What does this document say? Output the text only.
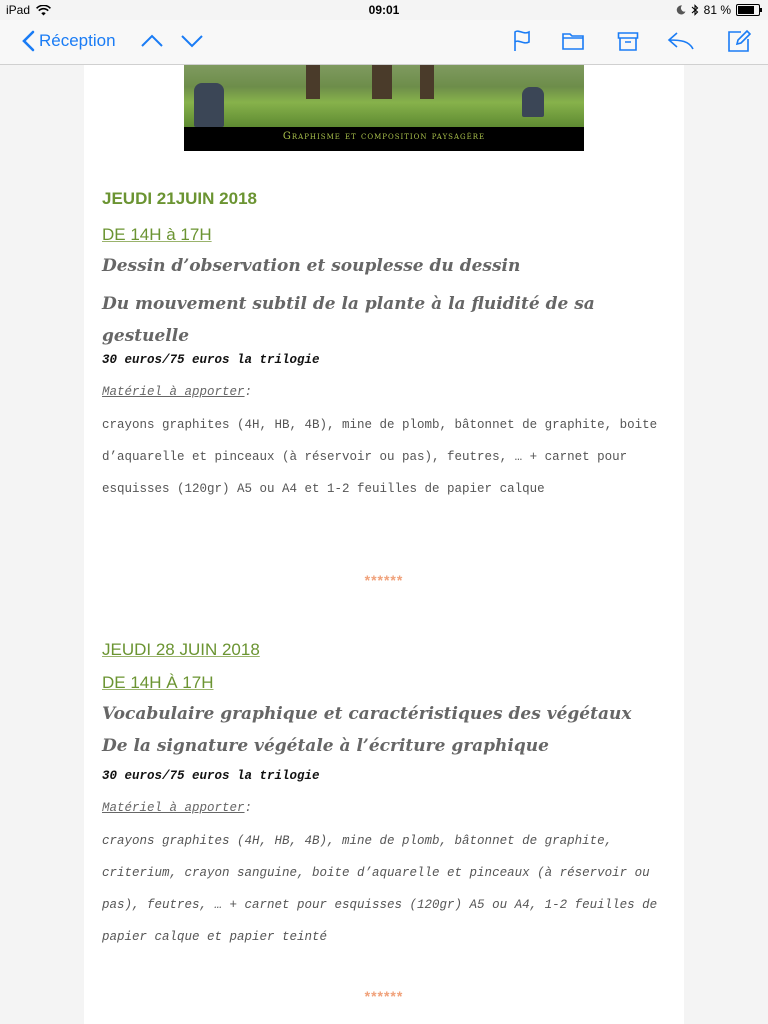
iPad	09:01	81 %
Réception
Graphisme et composition paysagère
JEUDI 21JUIN 2018
DE 14H à 17H
Dessin d’observation et souplesse du dessin
Du mouvement subtil de la plante à la fluidité de sa gestuelle
30 euros/75 euros la trilogie
Matériel à apporter:
crayons graphites (4H, HB, 4B), mine de plomb, bâtonnet de graphite, boite d’aquarelle et pinceaux (à réservoir ou pas), feutres, … + carnet pour esquisses (120gr) A5 ou A4 et 1-2 feuilles de papier calque
******
JEUDI 28 JUIN 2018
DE 14H À 17H
Vocabulaire graphique et caractéristiques des végétaux
De la signature végétale à l’écriture graphique
30 euros/75 euros la trilogie
Matériel à apporter:
crayons graphites (4H, HB, 4B), mine de plomb, bâtonnet de graphite, criterium, crayon sanguine, boite d’aquarelle et pinceaux (à réservoir ou pas), feutres, … + carnet pour esquisses (120gr) A5 ou A4, 1-2 feuilles de papier calque et papier teinté
******
